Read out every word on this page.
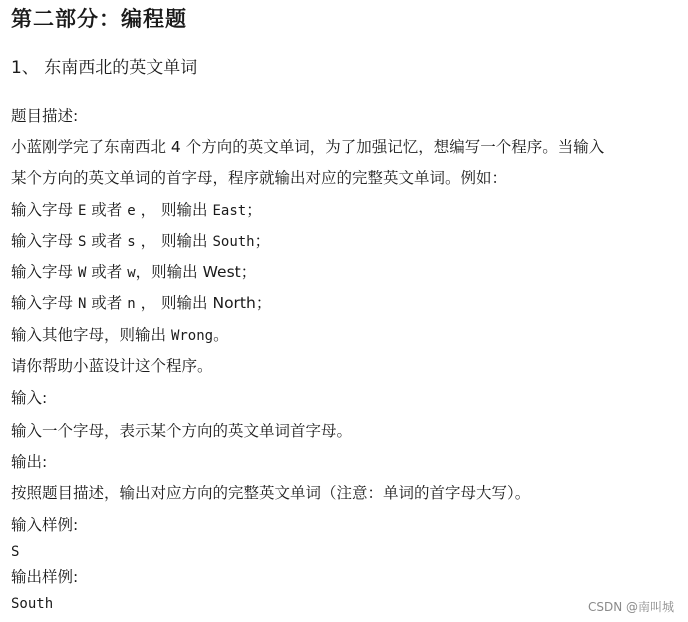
第二部分：编程题
1、 东南西北的英文单词
题目描述:
小蓝刚学完了东南西北 4 个方向的英文单词，为了加强记忆，想编写一个程序。当输入
某个方向的英文单词的首字母，程序就输出对应的完整英文单词。例如：
输入字母 E 或者 e ， 则输出 East；
输入字母 S 或者 s ， 则输出 South；
输入字母 W 或者 w，则输出 West；
输入字母 N 或者 n ， 则输出 North；
输入其他字母，则输出 Wrong。
请你帮助小蓝设计这个程序。
输入:
输入一个字母，表示某个方向的英文单词首字母。
输出:
按照题目描述，输出对应方向的完整英文单词（注意：单词的首字母大写）。
输入样例:
S
输出样例:
South	CSDN @南叫城
